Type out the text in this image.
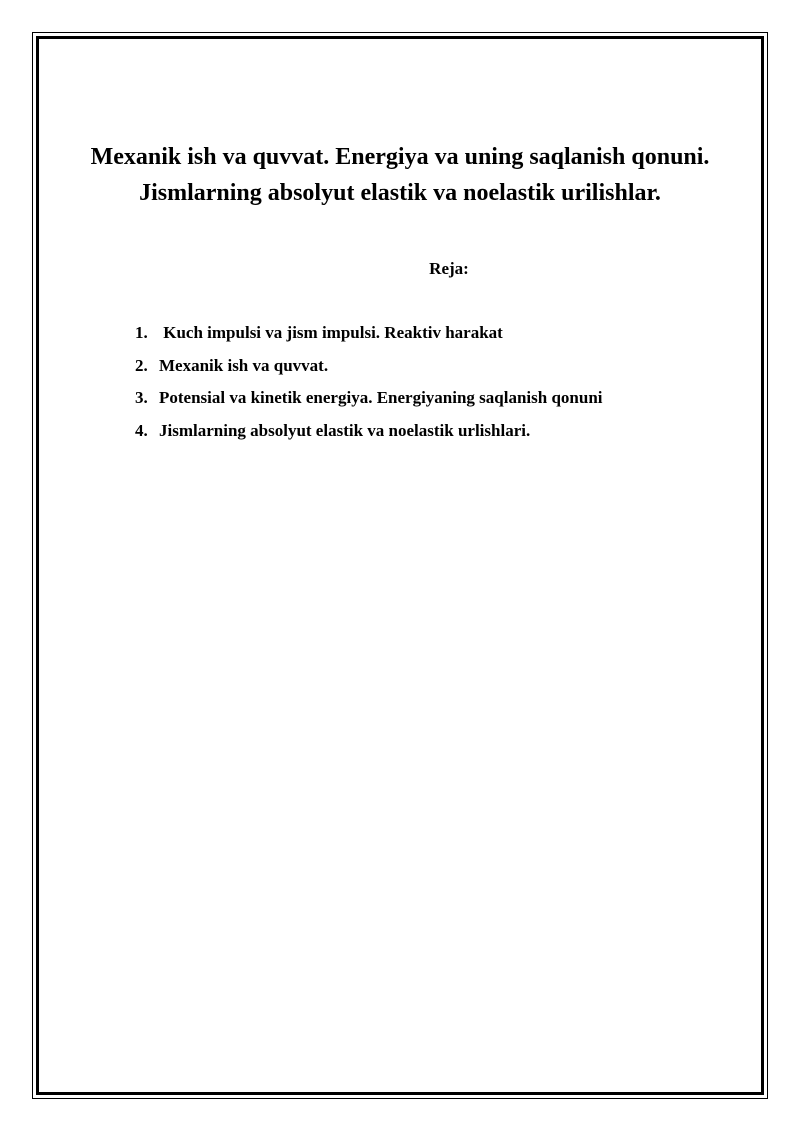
Mexanik ish va quvvat. Energiya va uning saqlanish qonuni.
Jismlarning absolyut elastik va noelastik urilishlar.
Reja:
1. Kuch impulsi va jism impulsi. Reaktiv harakat
2. Mexanik ish va quvvat.
3. Potensial va kinetik energiya. Energiyaning saqlanish qonuni
4. Jismlarning absolyut elastik va noelastik urlishlari.
